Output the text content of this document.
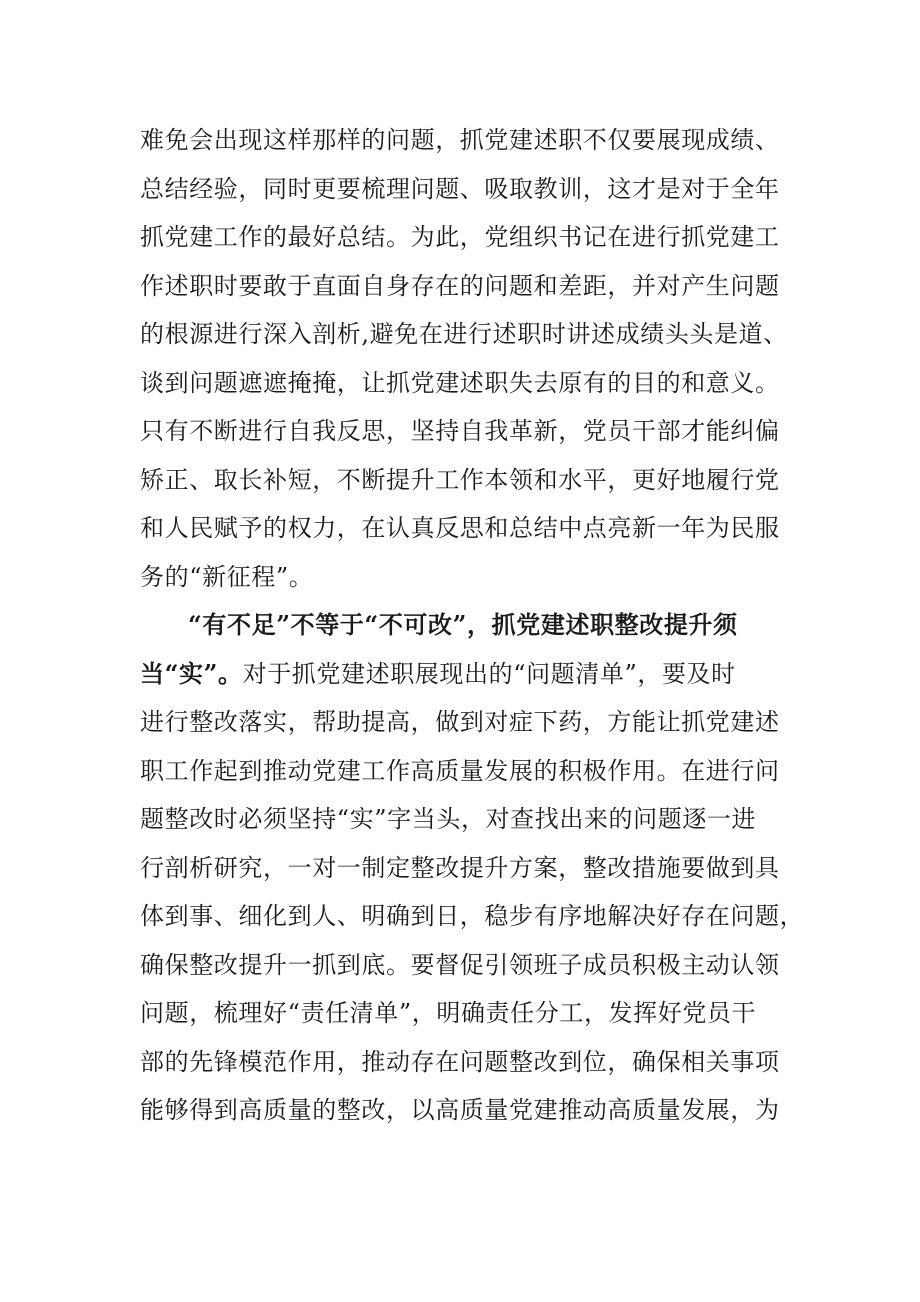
难免会出现这样那样的问题，抓党建述职不仅要展现成绩、
总结经验，同时更要梳理问题、吸取教训，这才是对于全年
抓党建工作的最好总结。为此，党组织书记在进行抓党建工
作述职时要敢于直面自身存在的问题和差距，并对产生问题
的根源进行深入剖析,避免在进行述职时讲述成绩头头是道、
谈到问题遮遮掩掩，让抓党建述职失去原有的目的和意义。
只有不断进行自我反思，坚持自我革新，党员干部才能纠偏
矫正、取长补短，不断提升工作本领和水平，更好地履行党
和人民赋予的权力，在认真反思和总结中点亮新一年为民服
务的“新征程”。
“有不足”不等于“不可改”，抓党建述职整改提升须
当“实”。对于抓党建述职展现出的“问题清单”，要及时
进行整改落实，帮助提高，做到对症下药，方能让抓党建述
职工作起到推动党建工作高质量发展的积极作用。在进行问
题整改时必须坚持“实”字当头，对查找出来的问题逐一进
行剖析研究，一对一制定整改提升方案，整改措施要做到具
体到事、细化到人、明确到日，稳步有序地解决好存在问题，
确保整改提升一抓到底。要督促引领班子成员积极主动认领
问题，梳理好“责任清单”，明确责任分工，发挥好党员干
部的先锋模范作用，推动存在问题整改到位，确保相关事项
能够得到高质量的整改，以高质量党建推动高质量发展，为
